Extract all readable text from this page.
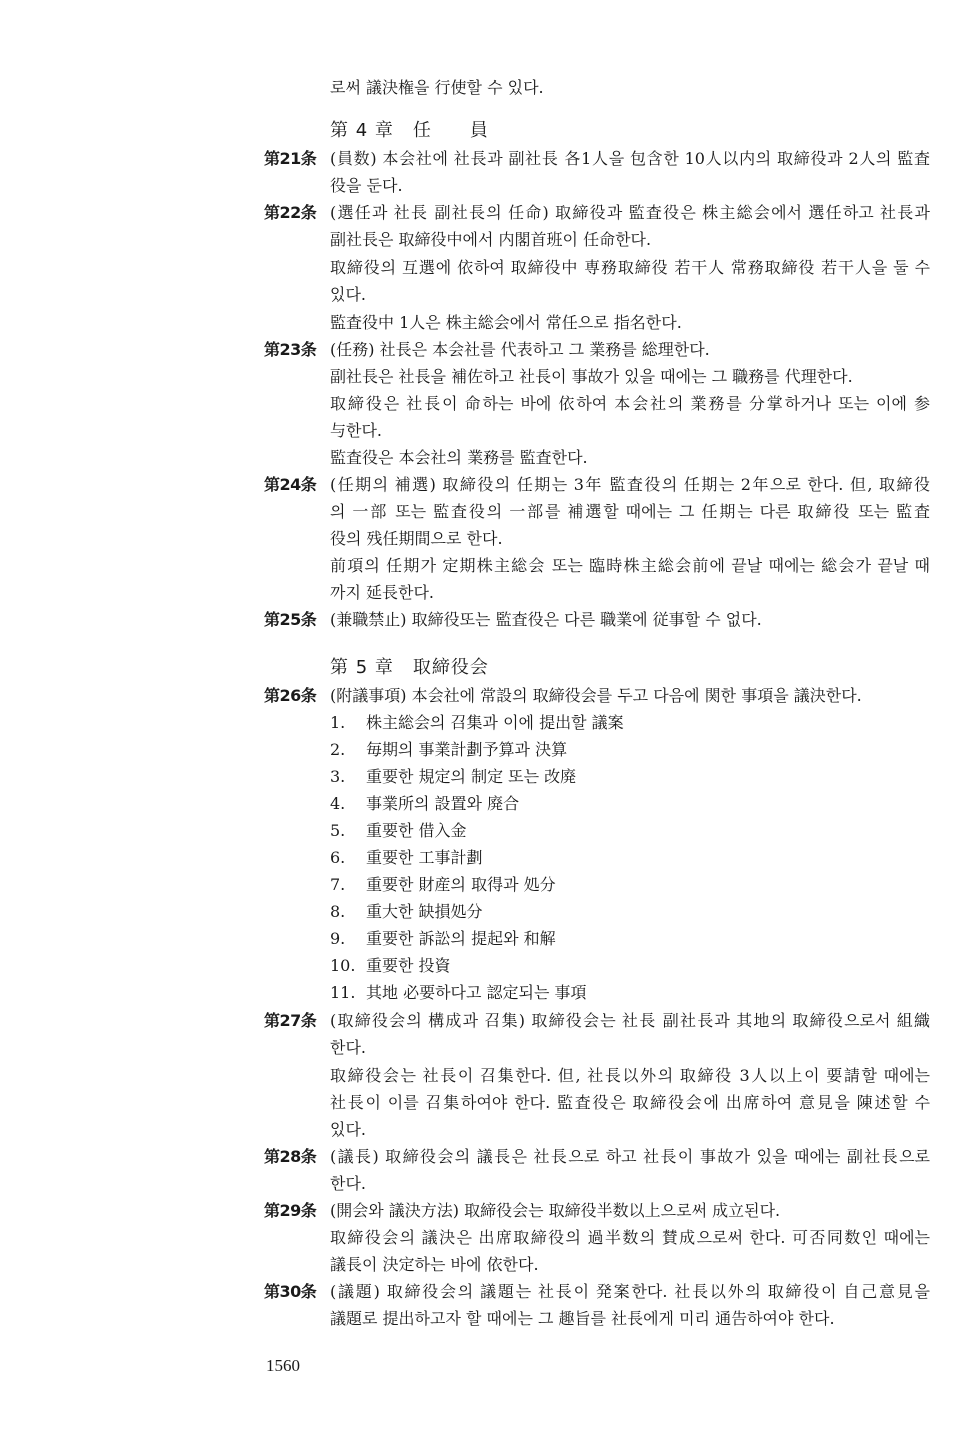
로써 議決権을 行使할 수 있다.
第 4 章　任　　員
第21条 (員数) 本会社에 社長과 副社長 各1人을 包含한 10人以内의 取締役과 2人의 監査
役을 둔다.
第22条 (選任과 社長 副社長의 任命) 取締役과 監査役은 株主総会에서 選任하고 社長과
副社長은 取締役中에서 内閣首班이 任命한다.
取締役의 互選에 依하여 取締役中 専務取締役 若干人 常務取締役 若干人을 둘 수
있다.
監査役中 1人은 株主総会에서 常任으로 指名한다.
第23条 (任務) 社長은 本会社를 代表하고 그 業務를 総理한다.
副社長은 社長을 補佐하고 社長이 事故가 있을 때에는 그 職務를 代理한다.
取締役은 社長이 命하는 바에 依하여 本会社의 業務를 分掌하거나 또는 이에 参
与한다.
監査役은 本会社의 業務를 監査한다.
第24条 (任期의 補選) 取締役의 任期는 3年 監査役의 任期는 2年으로 한다. 但, 取締役
의 一部 또는 監査役의 一部를 補選할 때에는 그 任期는 다른 取締役 또는 監査
役의 残任期間으로 한다.
前項의 任期가 定期株主総会 또는 臨時株主総会前에 끝날 때에는 総会가 끝날 때
까지 延長한다.
第25条 (兼職禁止) 取締役또는 監査役은 다른 職業에 従事할 수 없다.
第 5 章　取締役会
第26条 (附議事項) 本会社에 常設의 取締役会를 두고 다음에 関한 事項을 議決한다.
1. 株主総会의 召集과 이에 提出할 議案
2. 毎期의 事業計劃予算과 決算
3. 重要한 規定의 制定 또는 改廃
4. 事業所의 設置와 廃合
5. 重要한 借入金
6. 重要한 工事計劃
7. 重要한 財産의 取得과 処分
8. 重大한 缺損処分
9. 重要한 訴訟의 提起와 和解
10. 重要한 投資
11. 其地 必要하다고 認定되는 事項
第27条 (取締役会의 構成과 召集) 取締役会는 社長 副社長과 其地의 取締役으로서 組織
한다.
取締役会는 社長이 召集한다. 但, 社長以外의 取締役 3人以上이 要請할 때에는
社長이 이를 召集하여야 한다. 監査役은 取締役会에 出席하여 意見을 陳述할 수
있다.
第28条 (議長) 取締役会의 議長은 社長으로 하고 社長이 事故가 있을 때에는 副社長으로
한다.
第29条 (開会와 議決方法) 取締役会는 取締役半数以上으로써 成立된다.
取締役会의 議決은 出席取締役의 過半数의 賛成으로써 한다. 可否同数인 때에는
議長이 決定하는 바에 依한다.
第30条 (議題) 取締役会의 議題는 社長이 発案한다. 社長以外의 取締役이 自己意見을
議題로 提出하고자 할 때에는 그 趣旨를 社長에게 미리 通告하여야 한다.
1560
